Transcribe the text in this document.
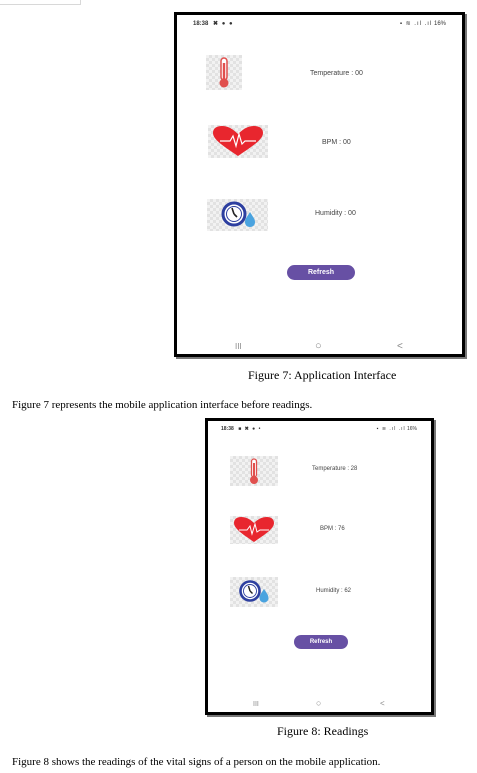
18:38 ✖ ● ●	▪ ≋ .ıl .ıl 16%
Temperature : 00
BPM : 00
Humidity : 00
Refresh
III	○	<
Figure 7: Application Interface
Figure 7 represents the mobile application interface before readings.
18:38 ■ ✖ ● •	▪ ≋ .ıl .ıl 16%
Temperature : 28
BPM : 76
Humidity : 62
Refresh
III	○	<
Figure 8: Readings
Figure 8 shows the readings of the vital signs of a person on the mobile application.
